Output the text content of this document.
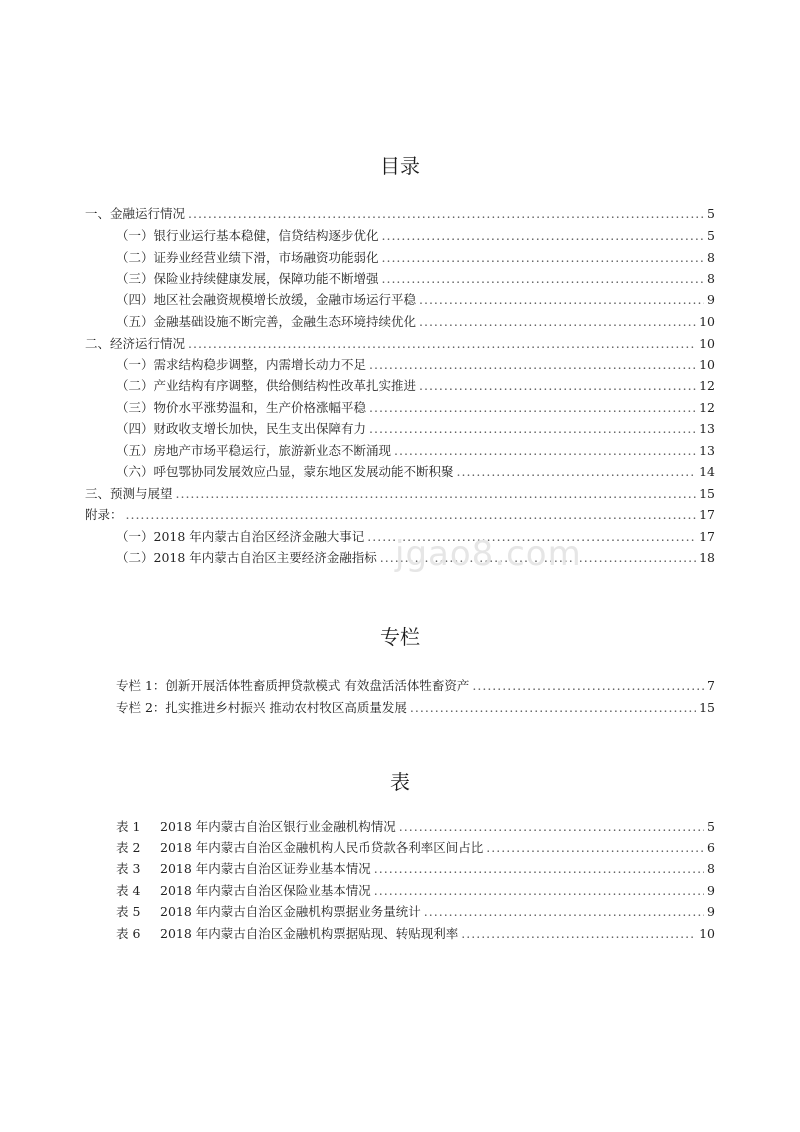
目录
一、金融运行情况 .....	5
（一）银行业运行基本稳健，信贷结构逐步优化 .....	5
（二）证券业经营业绩下滑，市场融资功能弱化 .....	8
（三）保险业持续健康发展，保障功能不断增强 .....	8
（四）地区社会融资规模增长放缓，金融市场运行平稳 .....	9
（五）金融基础设施不断完善，金融生态环境持续优化 .....	10
二、经济运行情况 .....	10
（一）需求结构稳步调整，内需增长动力不足 .....	10
（二）产业结构有序调整，供给侧结构性改革扎实推进 .....	12
（三）物价水平涨势温和，生产价格涨幅平稳 .....	12
（四）财政收支增长加快，民生支出保障有力 .....	13
（五）房地产市场平稳运行，旅游新业态不断涌现 .....	13
（六）呼包鄂协同发展效应凸显，蒙东地区发展动能不断积聚 .....	14
三、预测与展望 .....	15
附录： .....	17
（一）2018 年内蒙古自治区经济金融大事记 .....	17
（二）2018 年内蒙古自治区主要经济金融指标 .....	18
jgao8.com
专栏
专栏 1：创新开展活体牲畜质押贷款模式 有效盘活活体牲畜资产 .....	7
专栏 2：扎实推进乡村振兴 推动农村牧区高质量发展 .....	15
表
表 1 2018 年内蒙古自治区银行业金融机构情况 .....	5
表 2 2018 年内蒙古自治区金融机构人民币贷款各利率区间占比 .....	6
表 3 2018 年内蒙古自治区证券业基本情况 .....	8
表 4 2018 年内蒙古自治区保险业基本情况 .....	9
表 5 2018 年内蒙古自治区金融机构票据业务量统计 .....	9
表 6 2018 年内蒙古自治区金融机构票据贴现、转贴现利率 .....	10
